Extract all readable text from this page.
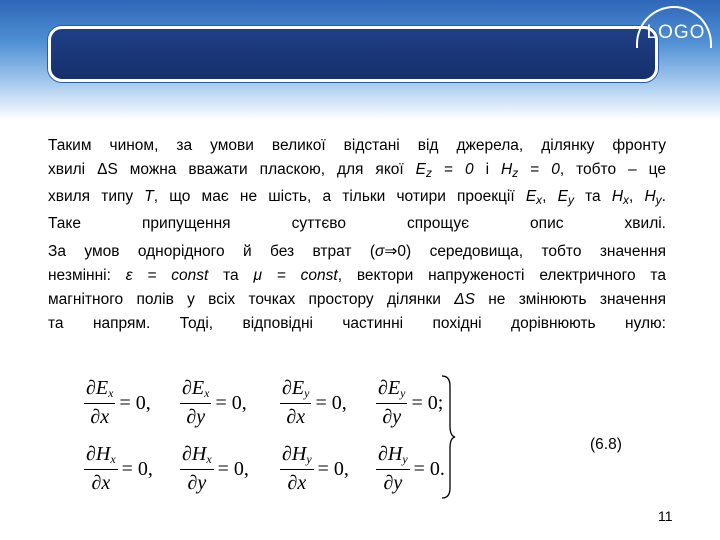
LOGO
Таким чином, за умови великої відстані від джерела, ділянку фронту
хвилі ΔS можна вважати пласкою, для якої $E_z = 0$ і $H_z = 0$, тобто – це
хвиля типу T, що має не шість, а тільки чотири проекції $E_x$, $E_y$ та $H_x$, $H_y$.
Таке припущення суттєво спрощує опис хвилі.
За умов однорідного й без втрат (σ⇒0) середовища, тобто значення
незмінні: ε = const та μ = const, вектори напруженості електричного та
магнітного полів у всіх точках простору ділянки ΔS не змінюють значення
та напрям. Тоді, відповідні частинні похідні дорівнюють нулю:
$\frac{\partial E_x}{\partial x} = 0$, $\frac{\partial E_x}{\partial y} = 0$, $\frac{\partial E_y}{\partial x} = 0$, $\frac{\partial E_y}{\partial y} = 0$;
$\frac{\partial H_x}{\partial x} = 0$, $\frac{\partial H_x}{\partial y} = 0$, $\frac{\partial H_y}{\partial x} = 0$, $\frac{\partial H_y}{\partial y} = 0$.
(6.8)
11
